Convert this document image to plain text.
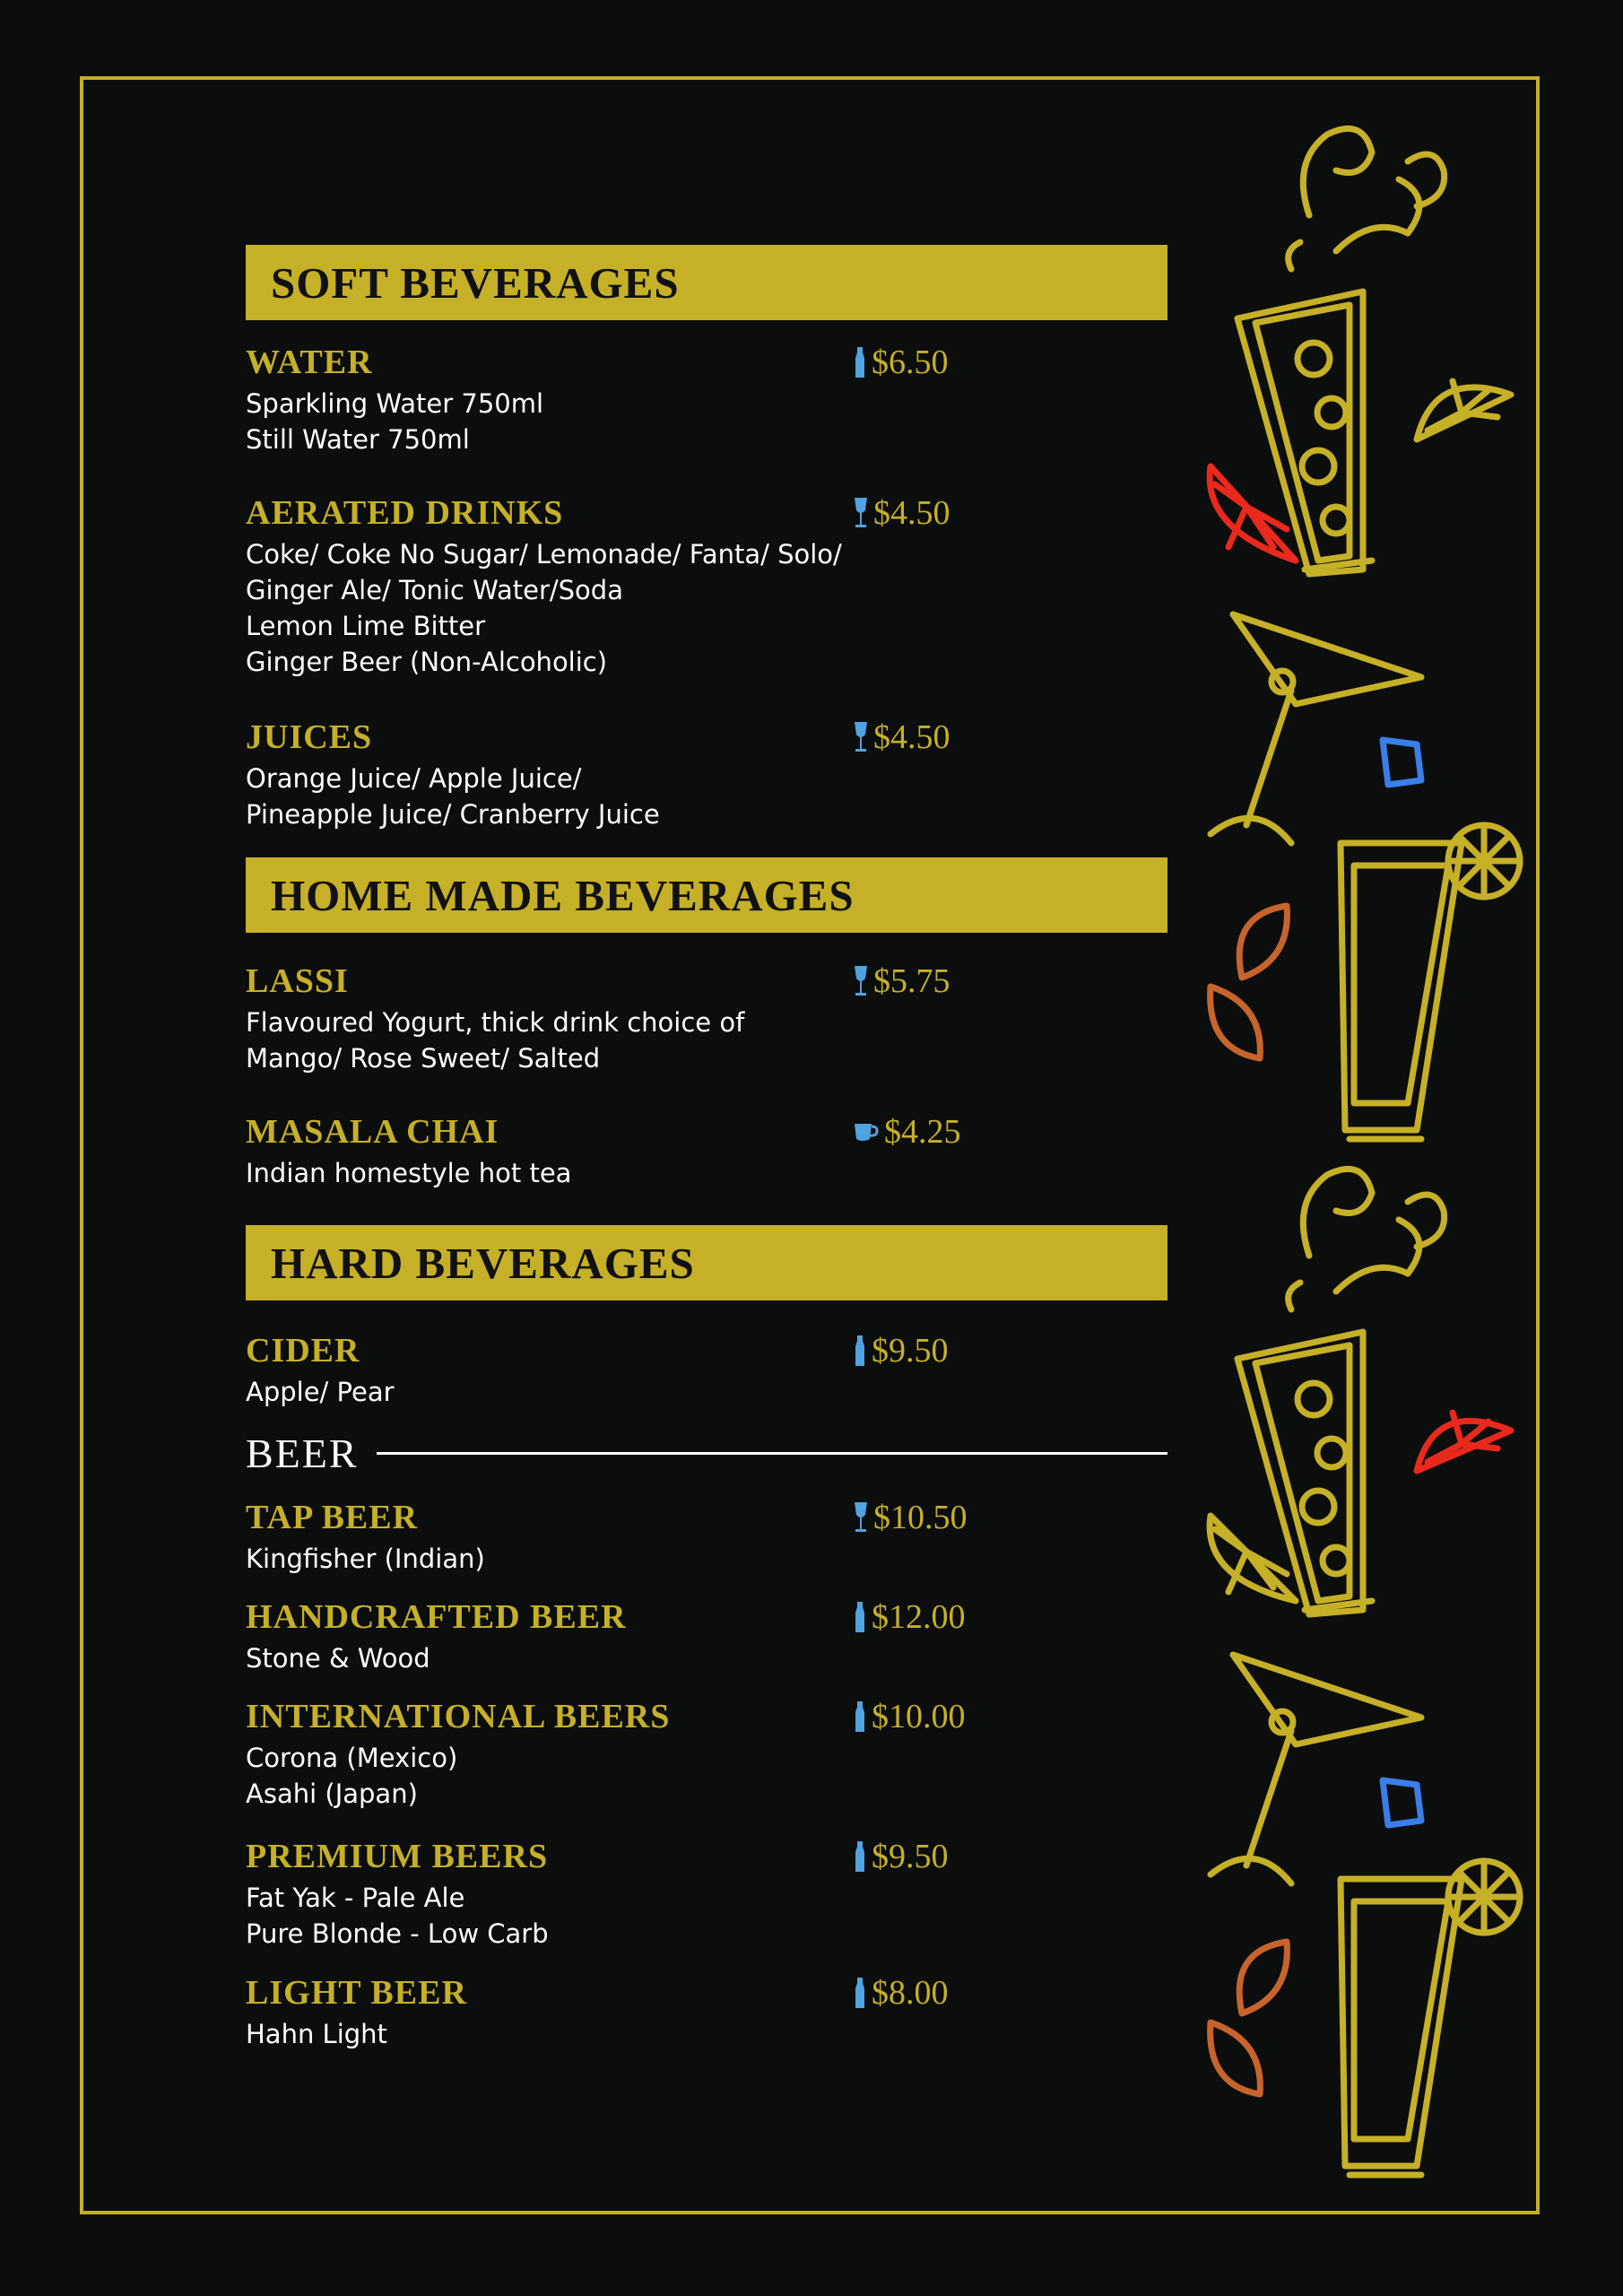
SOFT BEVERAGES
WATER	$6.50
Sparkling Water 750ml
Still Water 750ml
AERATED DRINKS	$4.50
Coke/ Coke No Sugar/ Lemonade/ Fanta/ Solo/
Ginger Ale/ Tonic Water/Soda
Lemon Lime Bitter
Ginger Beer (Non-Alcoholic)
JUICES	$4.50
Orange Juice/ Apple Juice/
Pineapple Juice/ Cranberry Juice
HOME MADE BEVERAGES
LASSI	$5.75
Flavoured Yogurt, thick drink choice of
Mango/ Rose Sweet/ Salted
MASALA CHAI	$4.25
Indian homestyle hot tea
HARD BEVERAGES
CIDER	$9.50
Apple/ Pear
BEER
TAP BEER	$10.50
Kingfisher (Indian)
HANDCRAFTED BEER	$12.00
Stone & Wood
INTERNATIONAL BEERS	$10.00
Corona (Mexico)
Asahi (Japan)
PREMIUM BEERS	$9.50
Fat Yak - Pale Ale
Pure Blonde - Low Carb
LIGHT BEER	$8.00
Hahn Light
